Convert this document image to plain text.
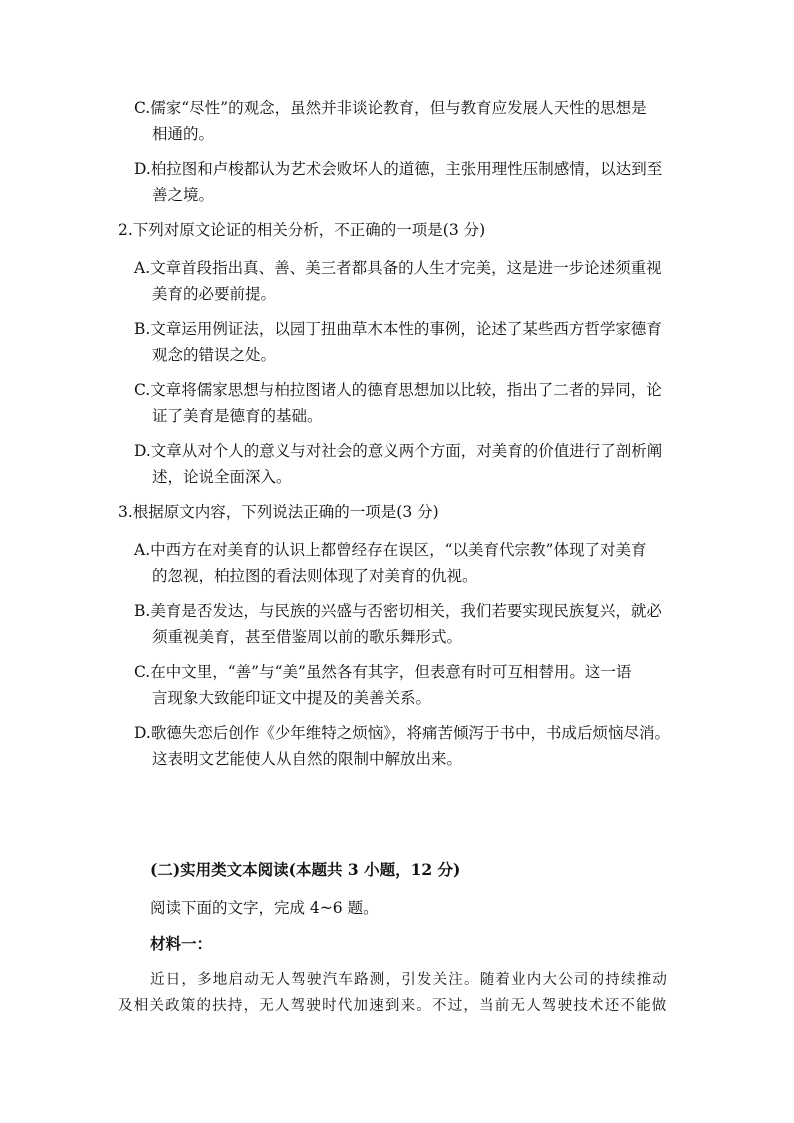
C.儒家“尽性”的观念，虽然并非谈论教育，但与教育应发展人天性的思想是
相通的。
D.柏拉图和卢梭都认为艺术会败坏人的道德，主张用理性压制感情，以达到至
善之境。
2.下列对原文论证的相关分析，不正确的一项是(3 分)
A.文章首段指出真、善、美三者都具备的人生才完美，这是进一步论述须重视
美育的必要前提。
B.文章运用例证法，以园丁扭曲草木本性的事例，论述了某些西方哲学家德育
观念的错误之处。
C.文章将儒家思想与柏拉图诸人的德育思想加以比较，指出了二者的异同，论
证了美育是德育的基础。
D.文章从对个人的意义与对社会的意义两个方面，对美育的价值进行了剖析阐
述，论说全面深入。
3.根据原文内容，下列说法正确的一项是(3 分)
A.中西方在对美育的认识上都曾经存在误区，“以美育代宗教”体现了对美育
的忽视，柏拉图的看法则体现了对美育的仇视。
B.美育是否发达，与民族的兴盛与否密切相关，我们若要实现民族复兴，就必
须重视美育，甚至借鉴周以前的歌乐舞形式。
C.在中文里，“善”与“美”虽然各有其字，但表意有时可互相替用。这一语
言现象大致能印证文中提及的美善关系。
D.歌德失恋后创作《少年维特之烦恼》，将痛苦倾泻于书中，书成后烦恼尽消。
这表明文艺能使人从自然的限制中解放出来。
(二)实用类文本阅读(本题共 3 小题，12 分)
阅读下面的文字，完成 4~6 题。
材料一：
近日，多地启动无人驾驶汽车路测，引发关注。随着业内大公司的持续推动
及相关政策的扶持，无人驾驶时代加速到来。不过，当前无人驾驶技术还不能做
